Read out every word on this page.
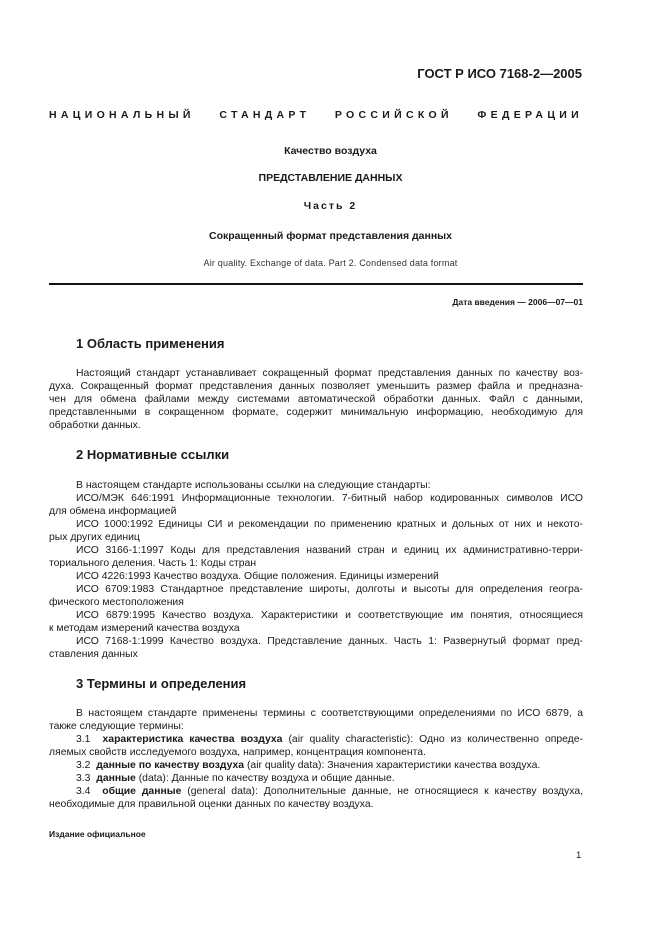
ГОСТ Р ИСО 7168-2—2005
НАЦИОНАЛЬНЫЙ СТАНДАРТ РОССИЙСКОЙ ФЕДЕРАЦИИ
Качество воздуха
ПРЕДСТАВЛЕНИЕ ДАННЫХ
Часть 2
Сокращенный формат представления данных
Air quality. Exchange of data. Part 2. Condensed data format
Дата введения — 2006—07—01
1 Область применения

Настоящий стандарт устанавливает сокращенный формат представления данных по качеству воз-

духа. Сокращенный формат представления данных позволяет уменьшить размер файла и предназна-

чен для обмена файлами между системами автоматической обработки данных. Файл с данными,

представленными в сокращенном формате, содержит минимальную информацию, необходимую для

обработки данных.

2 Нормативные ссылки

В настоящем стандарте использованы ссылки на следующие стандарты:

ИСО/МЭК 646:1991 Информационные технологии. 7-битный набор кодированных символов ИСО

для обмена информацией

ИСО 1000:1992 Единицы СИ и рекомендации по применению кратных и дольных от них и некото-

рых других единиц

ИСО 3166-1:1997 Коды для представления названий стран и единиц их административно-терри-

ториального деления. Часть 1: Коды стран

ИСО 4226:1993 Качество воздуха. Общие положения. Единицы измерений

ИСО 6709:1983 Стандартное представление широты, долготы и высоты для определения геогра-

фического местоположения

ИСО 6879:1995 Качество воздуха. Характеристики и соответствующие им понятия, относящиеся

к методам измерений качества воздуха

ИСО 7168-1:1999 Качество воздуха. Представление данных. Часть 1: Развернутый формат пред-

ставления данных

3 Термины и определения

В настоящем стандарте применены термины с соответствующими определениями по ИСО 6879, а

также следующие термины:

3.1 характеристика качества воздуха (air quality characteristic): Одно из количественно опреде-

ляемых свойств исследуемого воздуха, например, концентрация компонента.

3.2 данные по качеству воздуха (air quality data): Значения характеристики качества воздуха.

3.3 данные (data): Данные по качеству воздуха и общие данные.

3.4 общие данные (general data): Дополнительные данные, не относящиеся к качеству воздуха,

необходимые для правильной оценки данных по качеству воздуха.

Издание официальное
1
